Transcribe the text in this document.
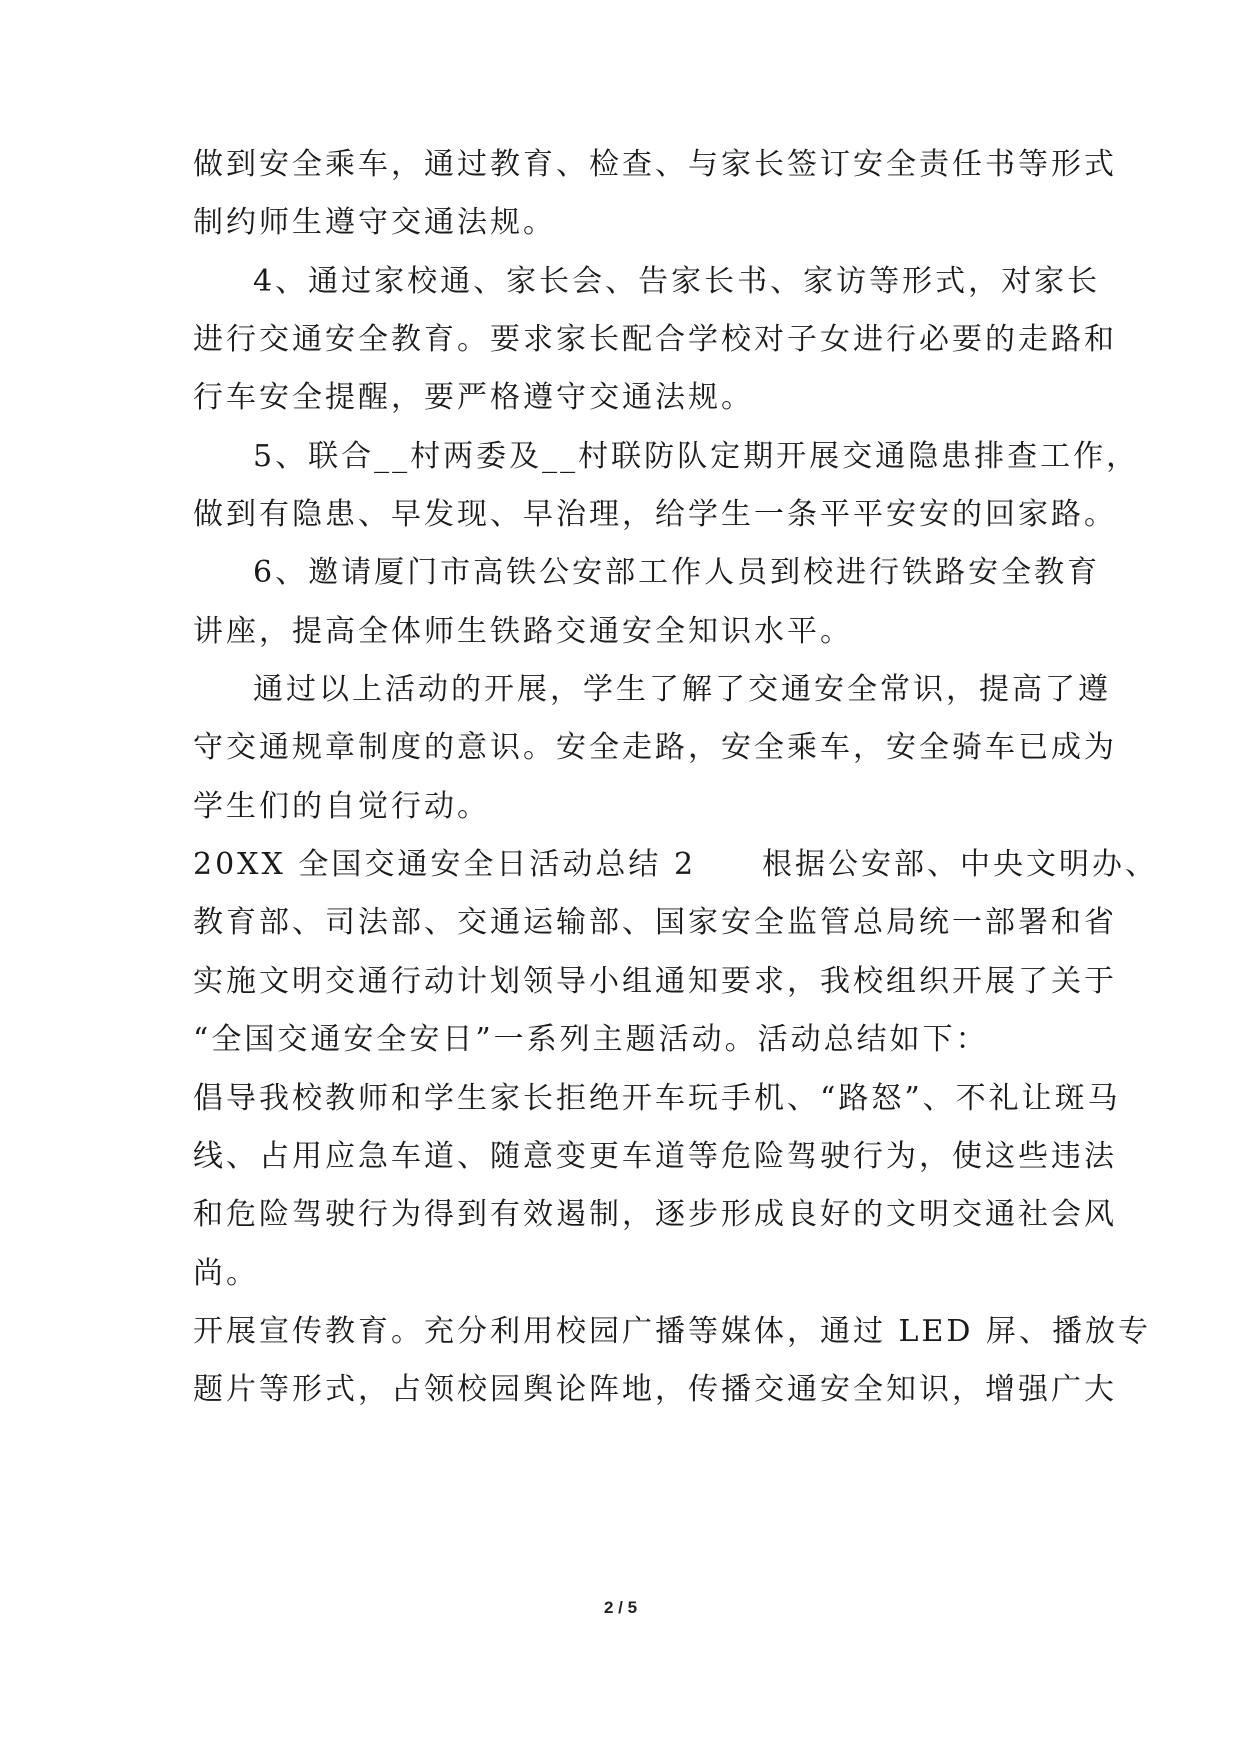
做到安全乘车，通过教育、检查、与家长签订安全责任书等形式
制约师生遵守交通法规。
4、通过家校通、家长会、告家长书、家访等形式，对家长
进行交通安全教育。要求家长配合学校对子女进行必要的走路和
行车安全提醒，要严格遵守交通法规。
5、联合__村两委及__村联防队定期开展交通隐患排查工作，
做到有隐患、早发现、早治理，给学生一条平平安安的回家路。
6、邀请厦门市高铁公安部工作人员到校进行铁路安全教育
讲座，提高全体师生铁路交通安全知识水平。
通过以上活动的开展，学生了解了交通安全常识，提高了遵
守交通规章制度的意识。安全走路，安全乘车，安全骑车已成为
学生们的自觉行动。
20XX 全国交通安全日活动总结 2　　根据公安部、中央文明办、
教育部、司法部、交通运输部、国家安全监管总局统一部署和省
实施文明交通行动计划领导小组通知要求，我校组织开展了关于
“全国交通安全安日”一系列主题活动。活动总结如下：
倡导我校教师和学生家长拒绝开车玩手机、“路怒”、不礼让斑马
线、占用应急车道、随意变更车道等危险驾驶行为，使这些违法
和危险驾驶行为得到有效遏制，逐步形成良好的文明交通社会风
尚。
开展宣传教育。充分利用校园广播等媒体，通过 LED 屏、播放专
题片等形式，占领校园舆论阵地，传播交通安全知识，增强广大
2 / 5
